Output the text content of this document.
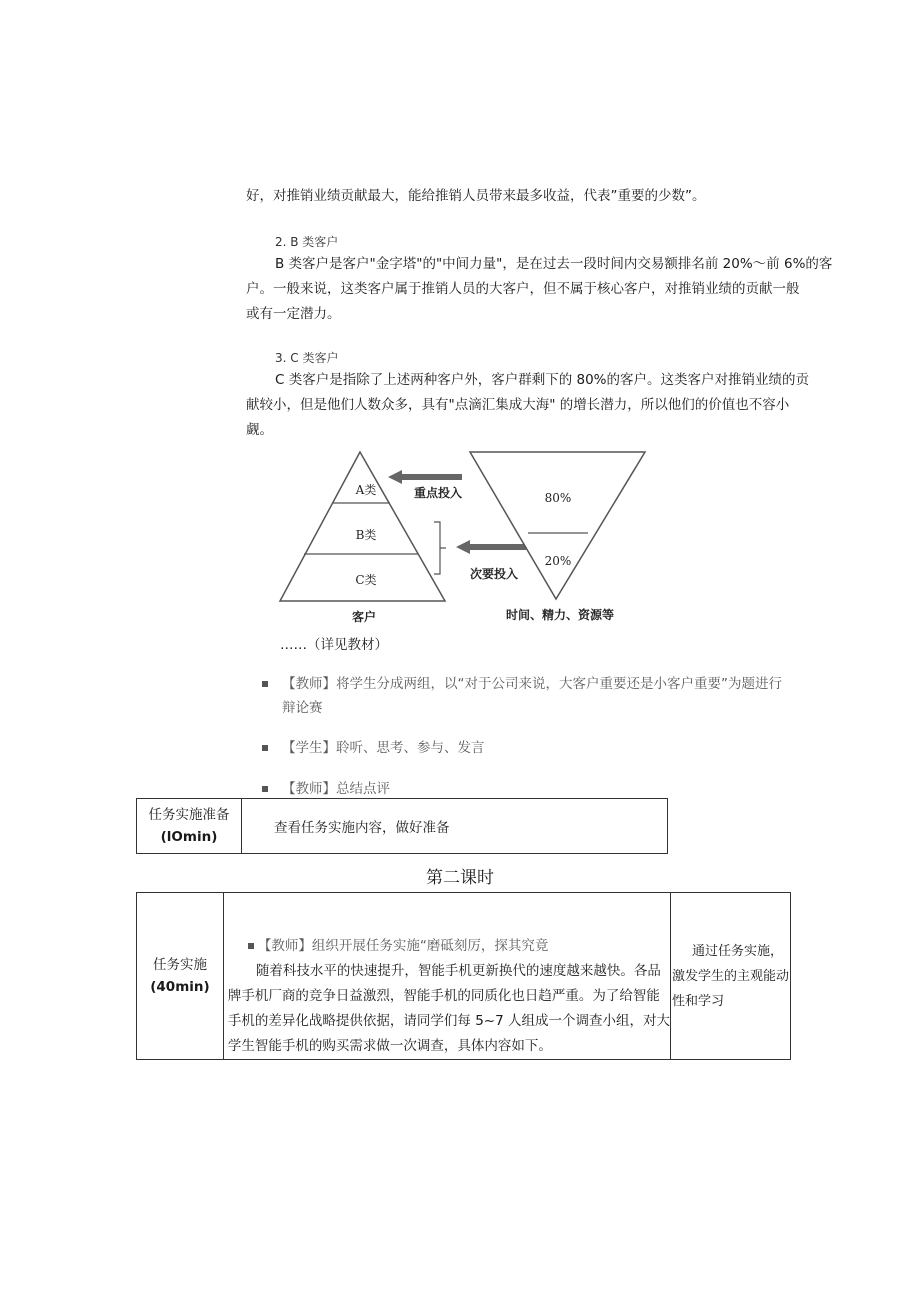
好，对推销业绩贡献最大，能给推销人员带来最多收益，代表”重要的少数”。
2. B 类客户
B 类客户是客户"金字塔"的"中间力量"，是在过去一段时间内交易额排名前 20%～前 6%的客
户。一般来说，这类客户属于推销人员的大客户，但不属于核心客户，对推销业绩的贡献一般
或有一定潜力。
3. C 类客户
C 类客户是指除了上述两种客户外，客户群剩下的 80%的客户。这类客户对推销业绩的贡
献较小，但是他们人数众多，具有"点滴汇集成大海" 的增长潜力，所以他们的价值也不容小
觑。
A类
B类
C类
客户
重点投入
次要投入
80%
20%
时间、精力、资源等
……（详见教材）
【教师】将学生分成两组，以“对于公司来说，大客户重要还是小客户重要”为题进行
辩论赛
【学生】聆听、思考、参与、发言
【教师】总结点评
任务实施准备
(lOmin)
	查看任务实施内容，做好准备
第二课时
任务实施
(40min)

【教师】组织开展任务实施“磨砥刻厉，探其究竟
随着科技水平的快速提升，智能手机更新换代的速度越来越快。各品
牌手机厂商的竞争日益激烈，智能手机的同质化也日趋严重。为了给智能
手机的差异化战略提供依据，请同学们每 5~7 人组成一个调查小组，对大
学生智能手机的购买需求做一次调查，具体内容如下。

通过任务实施，
激发学生的主观能动
性和学习
